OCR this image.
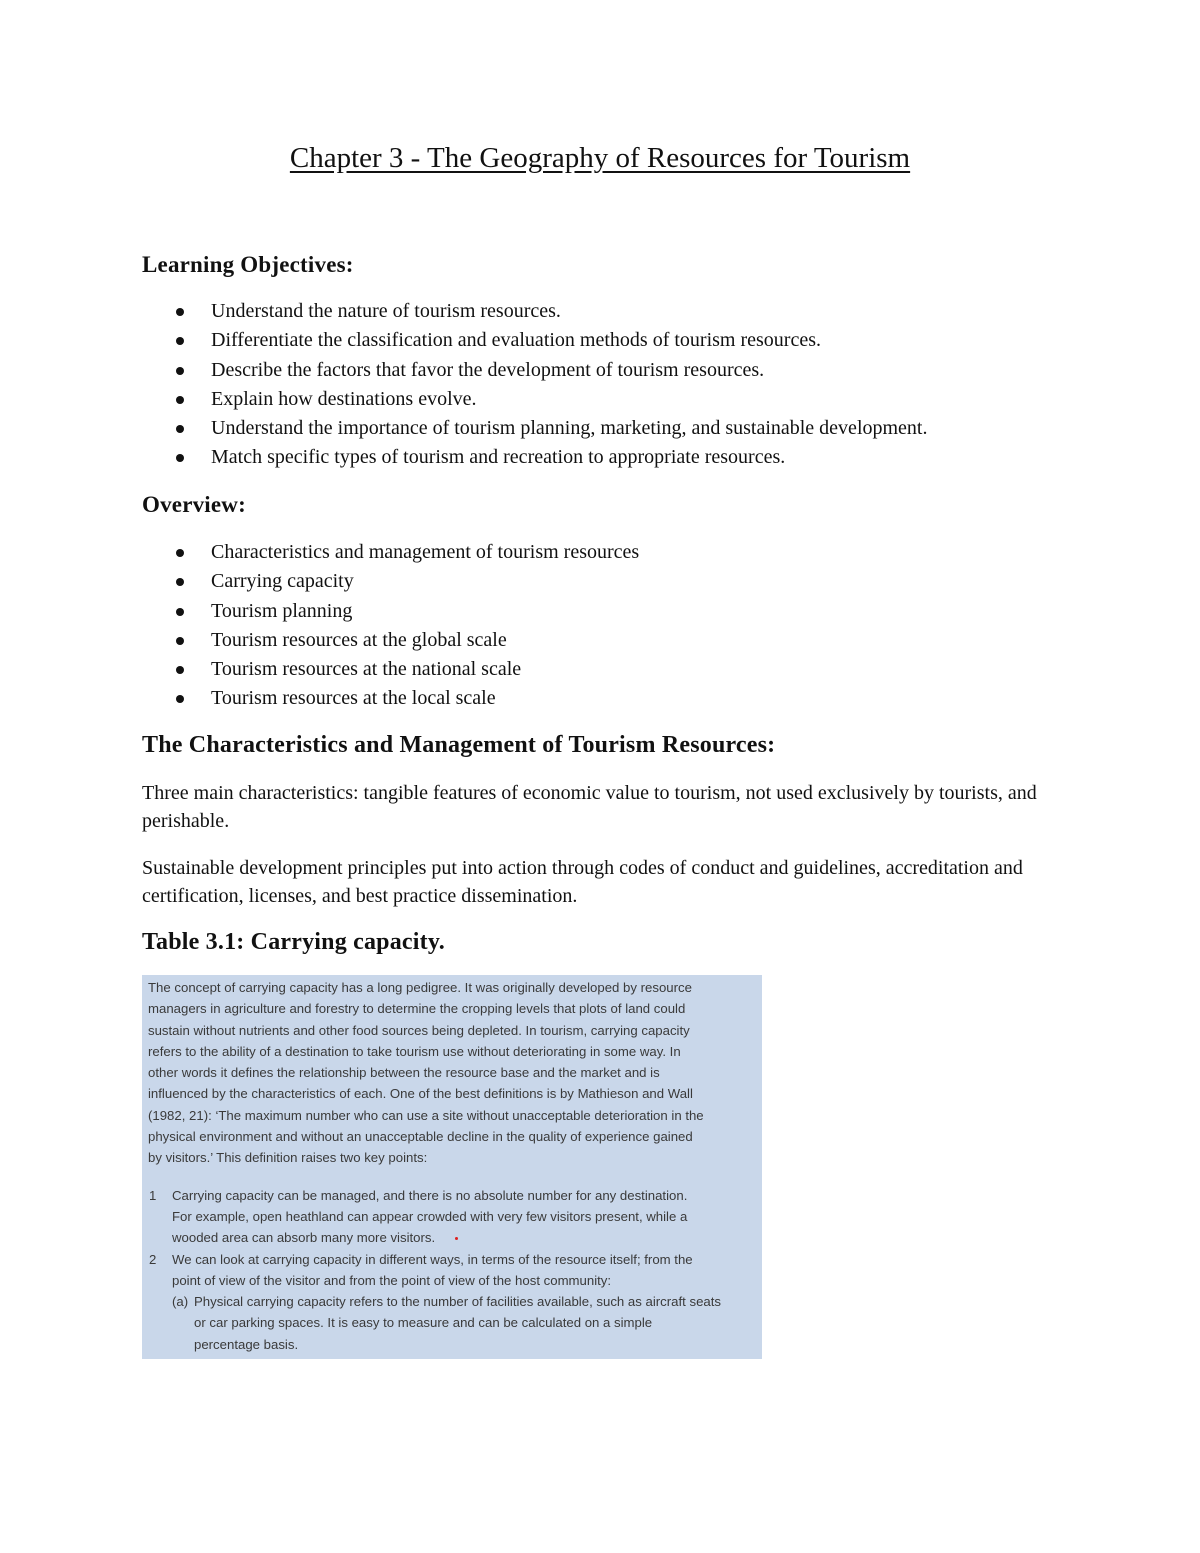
Chapter 3 - The Geography of Resources for Tourism
Learning Objectives:
Understand the nature of tourism resources.
Differentiate the classification and evaluation methods of tourism resources.
Describe the factors that favor the development of tourism resources.
Explain how destinations evolve.
Understand the importance of tourism planning, marketing, and sustainable development.
Match specific types of tourism and recreation to appropriate resources.
Overview:
Characteristics and management of tourism resources
Carrying capacity
Tourism planning
Tourism resources at the global scale
Tourism resources at the national scale
Tourism resources at the local scale
The Characteristics and Management of Tourism Resources:

Three main characteristics: tangible features of economic value to tourism, not used exclusively by tourists, and perishable.

Sustainable development principles put into action through codes of conduct and guidelines, accreditation and certification, licenses, and best practice dissemination.

Table 3.1: Carrying capacity.
The concept of carrying capacity has a long pedigree. It was originally developed by resource
managers in agriculture and forestry to determine the cropping levels that plots of land could
sustain without nutrients and other food sources being depleted. In tourism, carrying capacity
refers to the ability of a destination to take tourism use without deteriorating in some way. In
other words it defines the relationship between the resource base and the market and is
influenced by the characteristics of each. One of the best definitions is by Mathieson and Wall
(1982, 21): ‘The maximum number who can use a site without unacceptable deterioration in the
physical environment and without an unacceptable decline in the quality of experience gained
by visitors.’ This definition raises two key points:
1 Carrying capacity can be managed, and there is no absolute number for any destination.
For example, open heathland can appear crowded with very few visitors present, while a
wooded area can absorb many more visitors.
2 We can look at carrying capacity in different ways, in terms of the resource itself; from the
point of view of the visitor and from the point of view of the host community:
(a) Physical carrying capacity refers to the number of facilities available, such as aircraft seats
or car parking spaces. It is easy to measure and can be calculated on a simple
percentage basis.
